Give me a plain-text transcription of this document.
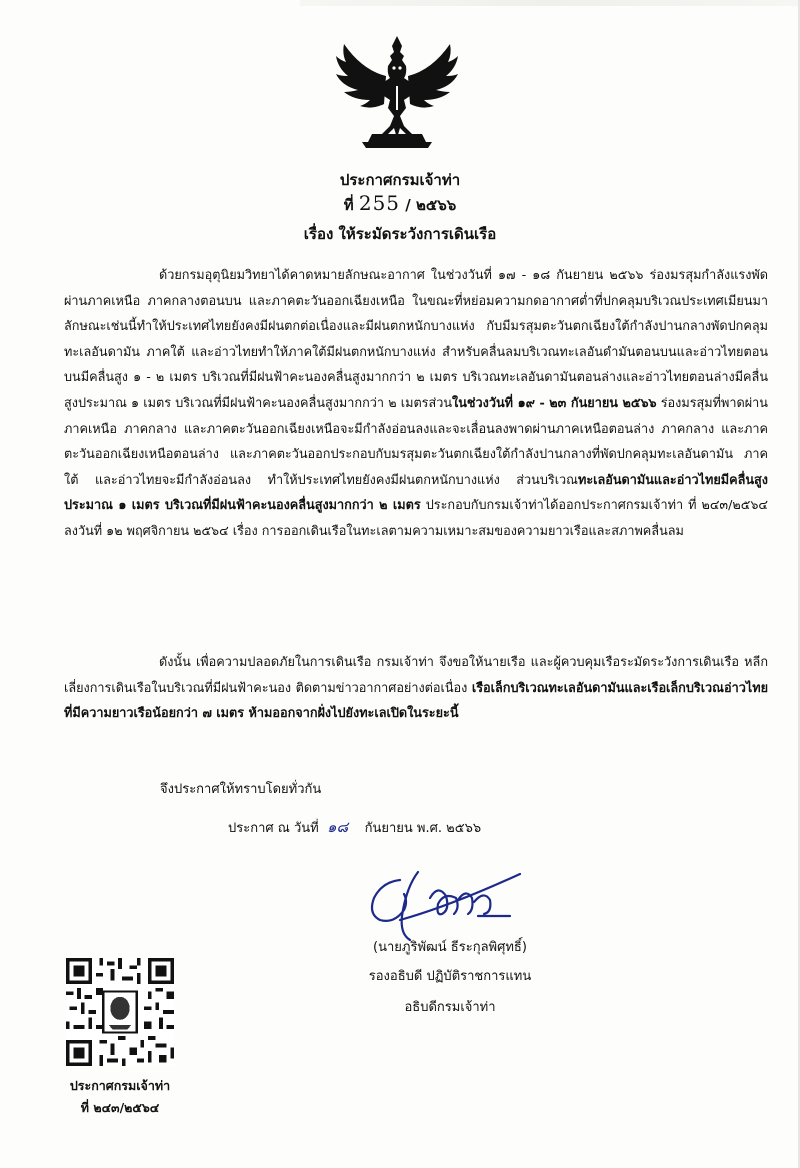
ประกาศกรมเจ้าท่า
ที่ 255 / ๒๕๖๖
เรื่อง ให้ระมัดระวังการเดินเรือ

ด้วยกรมอุตุนิยมวิทยาได้คาดหมายลักษณะอากาศ ในช่วงวันที่ ๑๗ - ๑๘ กันยายน ๒๕๖๖ ร่องมรสุมกำลังแรงพัดผ่านภาคเหนือ ภาคกลางตอนบน และภาคตะวันออกเฉียงเหนือ ในขณะที่หย่อมความกดอากาศต่ำที่ปกคลุมบริเวณประเทศเมียนมา ลักษณะเช่นนี้ทำให้ประเทศไทยยังคงมีฝนตกต่อเนื่องและมีฝนตกหนักบางแห่ง กับมีมรสุมตะวันตกเฉียงใต้กำลังปานกลางพัดปกคลุมทะเลอันดามัน ภาคใต้ และอ่าวไทยทำให้ภาคใต้มีฝนตกหนักบางแห่ง สำหรับคลื่นลมบริเวณทะเลอันดำมันตอนบนและอ่าวไทยตอนบนมีคลื่นสูง ๑ - ๒ เมตร บริเวณที่มีฝนฟ้าคะนองคลื่นสูงมากกว่า ๒ เมตร บริเวณทะเลอันดามันตอนล่างและอ่าวไทยตอนล่างมีคลื่นสูงประมาณ ๑ เมตร บริเวณที่มีฝนฟ้าคะนองคลื่นสูงมากกว่า ๒ เมตรส่วนในช่วงวันที่ ๑๙ - ๒๓ กันยายน ๒๕๖๖ ร่องมรสุมที่พาดผ่านภาคเหนือ ภาคกลาง และภาคตะวันออกเฉียงเหนือจะมีกำลังอ่อนลงและจะเลื่อนลงพาดผ่านภาคเหนือตอนล่าง ภาคกลาง และภาคตะวันออกเฉียงเหนือตอนล่าง และภาคตะวันออกประกอบกับมรสุมตะวันตกเฉียงใต้กำลังปานกลางที่พัดปกคลุมทะเลอันดามัน ภาคใต้ และอ่าวไทยจะมีกำลังอ่อนลง ทำให้ประเทศไทยยังคงมีฝนตกหนักบางแห่ง ส่วนบริเวณทะเลอันดามันและอ่าวไทยมีคลื่นสูงประมาณ ๑ เมตร บริเวณที่มีฝนฟ้าคะนองคลื่นสูงมากกว่า ๒ เมตร ประกอบกับกรมเจ้าท่าได้ออกประกาศกรมเจ้าท่า ที่ ๒๔๓/๒๕๖๔ ลงวันที่ ๑๒ พฤศจิกายน ๒๕๖๔ เรื่อง การออกเดินเรือในทะเลตามความเหมาะสมของความยาวเรือและสภาพคลื่นลม

ดังนั้น เพื่อความปลอดภัยในการเดินเรือ กรมเจ้าท่า จึงขอให้นายเรือ และผู้ควบคุมเรือระมัดระวังการเดินเรือ หลีกเลี่ยงการเดินเรือในบริเวณที่มีฝนฟ้าคะนอง ติดตามข่าวอากาศอย่างต่อเนื่อง เรือเล็กบริเวณทะเลอันดามันและเรือเล็กบริเวณอ่าวไทยที่มีความยาวเรือน้อยกว่า ๗ เมตร ห้ามออกจากฝั่งไปยังทะเลเปิดในระยะนี้

จึงประกาศให้ทราบโดยทั่วกัน
ประกาศ ณ วันที่ ๑๘ กันยายน พ.ศ. ๒๕๖๖
(นายภูริพัฒน์ ธีระกุลพิศุทธิ์)
รองอธิบดี ปฏิบัติราชการแทน
อธิบดีกรมเจ้าท่า
ประกาศกรมเจ้าท่า
ที่ ๒๔๓/๒๕๖๔
